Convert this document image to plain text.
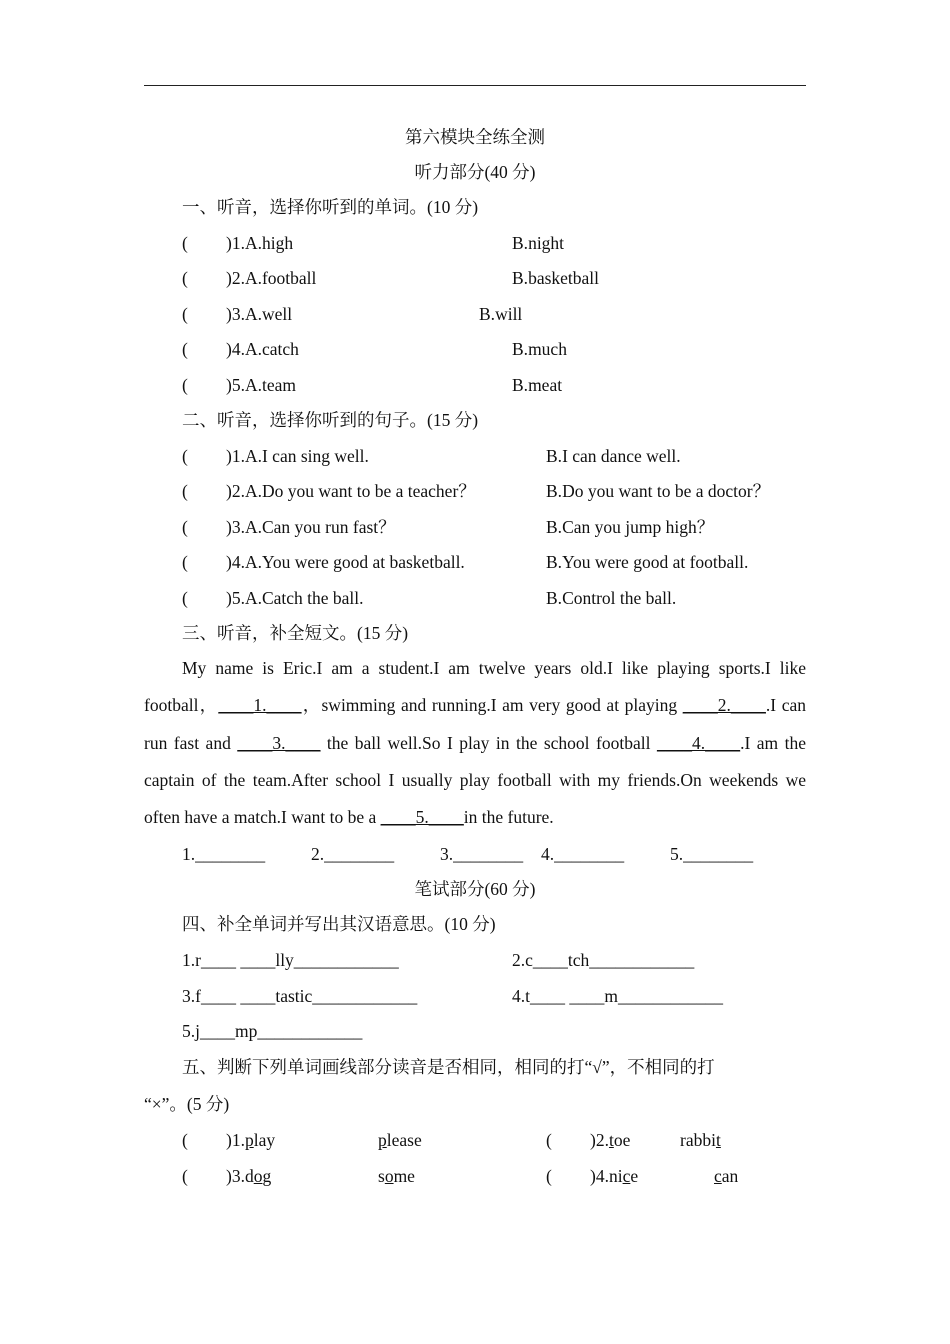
第六模块全练全测
听力部分(40 分)
一、听音，选择你听到的单词。(10 分)
( )1.A.high	B.night
( )2.A.football	B.basketball
( )3.A.well	B.will
( )4.A.catch	B.much
( )5.A.team	B.meat
二、听音，选择你听到的句子。(15 分)
( )1.A.I can sing well.	B.I can dance well.
( )2.A.Do you want to be a teacher？	B.Do you want to be a doctor？
( )3.A.Can you run fast？	B.Can you jump high？
( )4.A.You were good at basketball.	B.You were good at football.
( )5.A.Catch the ball.	B.Control the ball.
三、听音，补全短文。(15 分)
My name is Eric.I am a student.I am twelve years old.I like playing sports.I like football，____1.____，swimming and running.I am very good at playing ____2.____.I can run fast and ____3.____ the ball well.So I play in the school football ____4.____.I am the captain of the team.After school I usually play football with my friends.On weekends we often have a match.I want to be a ____5.____in the future.
1.________	2.________	3.________ 4.________	5.________
笔试部分(60 分)
四、补全单词并写出其汉语意思。(10 分)
1.r____ ____lly____________	2.c____tch____________
3.f____ ____tastic____________	4.t____ ____m____________
5.j____mp____________
五、判断下列单词画线部分读音是否相同，相同的打“√”，不相同的打
“×”。(5 分)
( )1.play	please	( )2.toe	rabbit
( )3.dog	some	( )4.nice	can
